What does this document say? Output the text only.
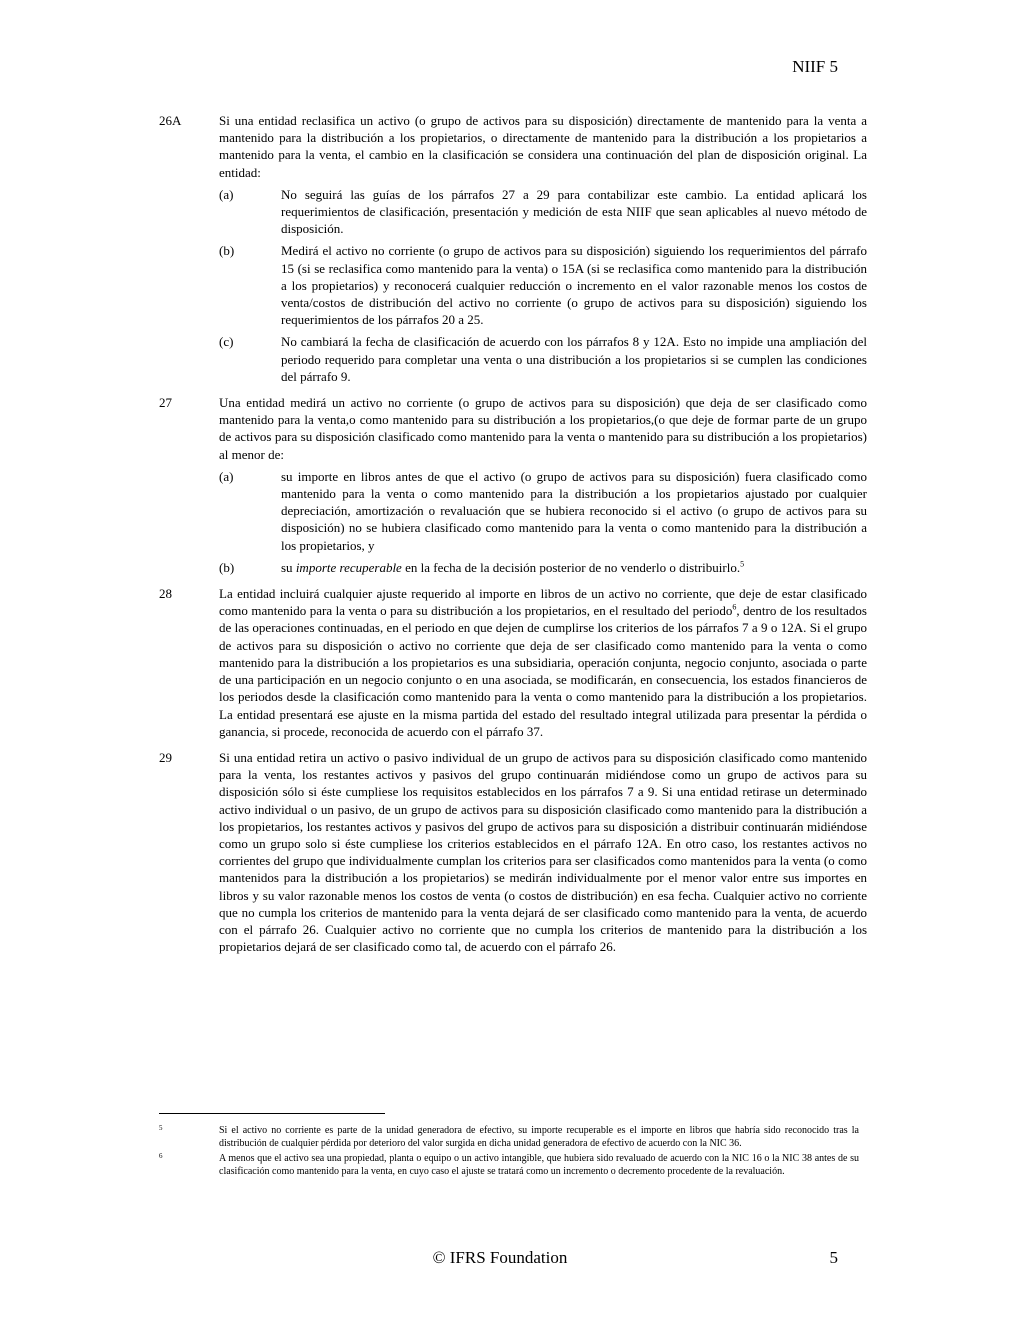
NIIF 5
26A	Si una entidad reclasifica un activo (o grupo de activos para su disposición) directamente de mantenido para la venta a mantenido para la distribución a los propietarios, o directamente de mantenido para la distribución a los propietarios a mantenido para la venta, el cambio en la clasificación se considera una continuación del plan de disposición original. La entidad:
(a)	No seguirá las guías de los párrafos 27 a 29 para contabilizar este cambio. La entidad aplicará los requerimientos de clasificación, presentación y medición de esta NIIF que sean aplicables al nuevo método de disposición.
(b)	Medirá el activo no corriente (o grupo de activos para su disposición) siguiendo los requerimientos del párrafo 15 (si se reclasifica como mantenido para la venta) o 15A (si se reclasifica como mantenido para la distribución a los propietarios) y reconocerá cualquier reducción o incremento en el valor razonable menos los costos de venta/costos de distribución del activo no corriente (o grupo de activos para su disposición) siguiendo los requerimientos de los párrafos 20 a 25.
(c)	No cambiará la fecha de clasificación de acuerdo con los párrafos 8 y 12A. Esto no impide una ampliación del periodo requerido para completar una venta o una distribución a los propietarios si se cumplen las condiciones del párrafo 9.
27	Una entidad medirá un activo no corriente (o grupo de activos para su disposición) que deja de ser clasificado como mantenido para la venta,o como mantenido para su distribución a los propietarios,(o que deje de formar parte de un grupo de activos para su disposición clasificado como mantenido para la venta o mantenido para su distribución a los propietarios) al menor de:
(a)	su importe en libros antes de que el activo (o grupo de activos para su disposición) fuera clasificado como mantenido para la venta o como mantenido para la distribución a los propietarios ajustado por cualquier depreciación, amortización o revaluación que se hubiera reconocido si el activo (o grupo de activos para su disposición) no se hubiera clasificado como mantenido para la venta o como mantenido para la distribución a los propietarios, y
(b)	su importe recuperable en la fecha de la decisión posterior de no venderlo o distribuirlo.$^5$
28	La entidad incluirá cualquier ajuste requerido al importe en libros de un activo no corriente, que deje de estar clasificado como mantenido para la venta o para su distribución a los propietarios, en el resultado del periodo$^6$, dentro de los resultados de las operaciones continuadas, en el periodo en que dejen de cumplirse los criterios de los párrafos 7 a 9 o 12A. Si el grupo de activos para su disposición o activo no corriente que deja de ser clasificado como mantenido para la venta o como mantenido para la distribución a los propietarios es una subsidiaria, operación conjunta, negocio conjunto, asociada o parte de una participación en un negocio conjunto o en una asociada, se modificarán, en consecuencia, los estados financieros de los periodos desde la clasificación como mantenido para la venta o como mantenido para la distribución a los propietarios. La entidad presentará ese ajuste en la misma partida del estado del resultado integral utilizada para presentar la pérdida o ganancia, si procede, reconocida de acuerdo con el párrafo 37.
29	Si una entidad retira un activo o pasivo individual de un grupo de activos para su disposición clasificado como mantenido para la venta, los restantes activos y pasivos del grupo continuarán midiéndose como un grupo de activos para su disposición sólo si éste cumpliese los requisitos establecidos en los párrafos 7 a 9. Si una entidad retirase un determinado activo individual o un pasivo, de un grupo de activos para su disposición clasificado como mantenido para la distribución a los propietarios, los restantes activos y pasivos del grupo de activos para su disposición a distribuir continuarán midiéndose como un grupo solo si éste cumpliese los criterios establecidos en el párrafo 12A. En otro caso, los restantes activos no corrientes del grupo que individualmente cumplan los criterios para ser clasificados como mantenidos para la venta (o como mantenidos para la distribución a los propietarios) se medirán individualmente por el menor valor entre sus importes en libros y su valor razonable menos los costos de venta (o costos de distribución) en esa fecha. Cualquier activo no corriente que no cumpla los criterios de mantenido para la venta dejará de ser clasificado como mantenido para la venta, de acuerdo con el párrafo 26. Cualquier activo no corriente que no cumpla los criterios de mantenido para la distribución a los propietarios dejará de ser clasificado como tal, de acuerdo con el párrafo 26.
5	Si el activo no corriente es parte de la unidad generadora de efectivo, su importe recuperable es el importe en libros que habría sido reconocido tras la distribución de cualquier pérdida por deterioro del valor surgida en dicha unidad generadora de efectivo de acuerdo con la NIC 36.
6	A menos que el activo sea una propiedad, planta o equipo o un activo intangible, que hubiera sido revaluado de acuerdo con la NIC 16 o la NIC 38 antes de su clasificación como mantenido para la venta, en cuyo caso el ajuste se tratará como un incremento o decremento procedente de la revaluación.
© IFRS Foundation	5
